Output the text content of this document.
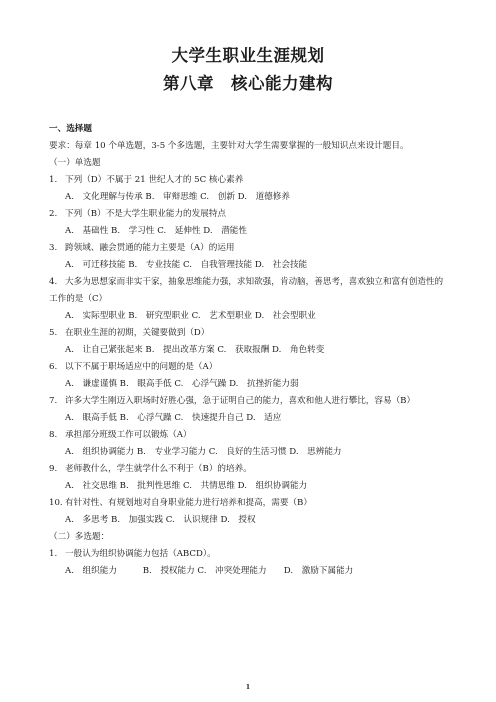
大学生职业生涯规划
第八章　核心能力建构
一、选择题
要求：每章 10 个单选题，3-5 个多选题，主要针对大学生需要掌握的一般知识点来设计题目。
（一）单选题
1. 下列（D）不属于 21 世纪人才的 5C 核心素养
A.　文化理解与传承 B.　审辩思维 C.　创新 D.　道德修养
2. 下列（B）不是大学生职业能力的发展特点
A.　基础性 B.　学习性 C.　延伸性 D.　潜能性
3. 跨领域、融会贯通的能力主要是（A）的运用
A.　可迁移技能 B.　专业技能 C.　自我管理技能 D.　社会技能
4. 大多为思想家而非实干家，抽象思维能力强，求知欲强，肯动脑，善思考，喜欢独立和富有创造性的
工作的是（C）
A.　实际型职业 B.　研究型职业 C.　艺术型职业 D.　社会型职业
5. 在职业生涯的初期，关键要做到（D）
A.　让自己紧张起来 B.　提出改革方案 C.　获取报酬 D.　角色转变
6. 以下不属于职场适应中的问题的是（A）
A.　谦虚谨慎 B.　眼高手低 C.　心浮气躁 D.　抗挫折能力弱
7. 许多大学生刚迈入职场时好胜心强，急于证明自己的能力，喜欢和他人进行攀比，容易（B）
A.　眼高手低 B.　心浮气躁 C.　快速提升自己 D.　适应
8. 承担部分班级工作可以锻炼（A）
A.　组织协调能力 B.　专业学习能力 C.　良好的生活习惯 D.　思辨能力
9. 老师教什么，学生就学什么不利于（B）的培养。
A.　社交思维 B.　批判性思维 C.　共情思维 D.　组织协调能力
10. 有针对性、有规划地对自身职业能力进行培养和提高，需要（B）
A.　多思考 B.　加强实践 C.　认识规律 D.　授权
（二）多选题：
1. 一般认为组织协调能力包括（ABCD）。
A.　组织能力　　　B.　授权能力 C.　冲突处理能力　　D.　激励下属能力
1
